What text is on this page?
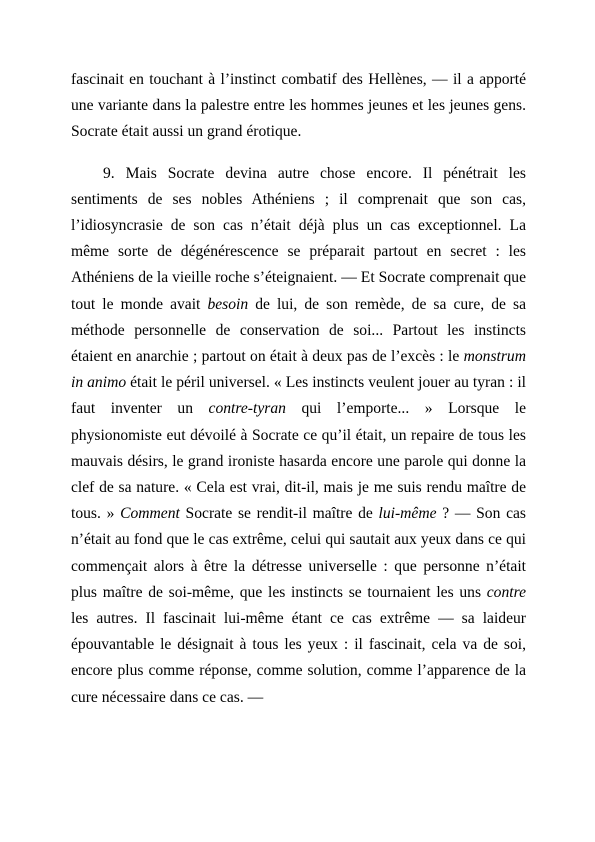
fascinait en touchant à l’instinct combatif des Hellènes, — il a apporté une variante dans la palestre entre les hommes jeunes et les jeunes gens. Socrate était aussi un grand érotique.

9. Mais Socrate devina autre chose encore. Il pénétrait les sentiments de ses nobles Athéniens ; il comprenait que son cas, l’idiosyncrasie de son cas n’était déjà plus un cas exceptionnel. La même sorte de dégénérescence se préparait partout en secret : les Athéniens de la vieille roche s’éteignaient. — Et Socrate comprenait que tout le monde avait besoin de lui, de son remède, de sa cure, de sa méthode personnelle de conservation de soi... Partout les instincts étaient en anarchie ; partout on était à deux pas de l’excès : le monstrum in animo était le péril universel. « Les instincts veulent jouer au tyran : il faut inventer un contre-tyran qui l’emporte... » Lorsque le physionomiste eut dévoilé à Socrate ce qu’il était, un repaire de tous les mauvais désirs, le grand ironiste hasarda encore une parole qui donne la clef de sa nature. « Cela est vrai, dit-il, mais je me suis rendu maître de tous. » Comment Socrate se rendit-il maître de lui-même ? — Son cas n’était au fond que le cas extrême, celui qui sautait aux yeux dans ce qui commençait alors à être la détresse universelle : que personne n’était plus maître de soi-même, que les instincts se tournaient les uns contre les autres. Il fascinait lui-même étant ce cas extrême — sa laideur épouvantable le désignait à tous les yeux : il fascinait, cela va de soi, encore plus comme réponse, comme solution, comme l’apparence de la cure nécessaire dans ce cas. —
